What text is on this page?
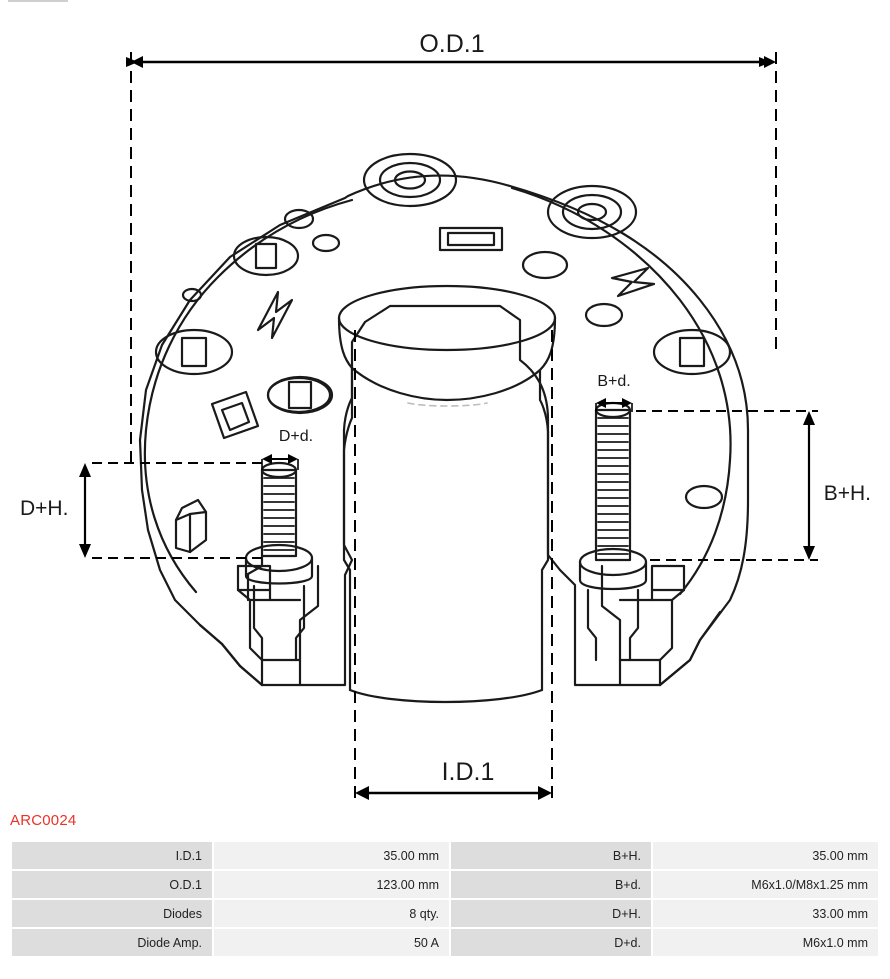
O.D.1
I.D.1
B+H.
D+H.
B+d.
D+d.
ARC0024
I.D.1	35.00 mm	B+H.	35.00 mm
O.D.1	123.00 mm	B+d.	M6x1.0/M8x1.25 mm
Diodes	8 qty.	D+H.	33.00 mm
Diode Amp.	50 A	D+d.	M6x1.0 mm
